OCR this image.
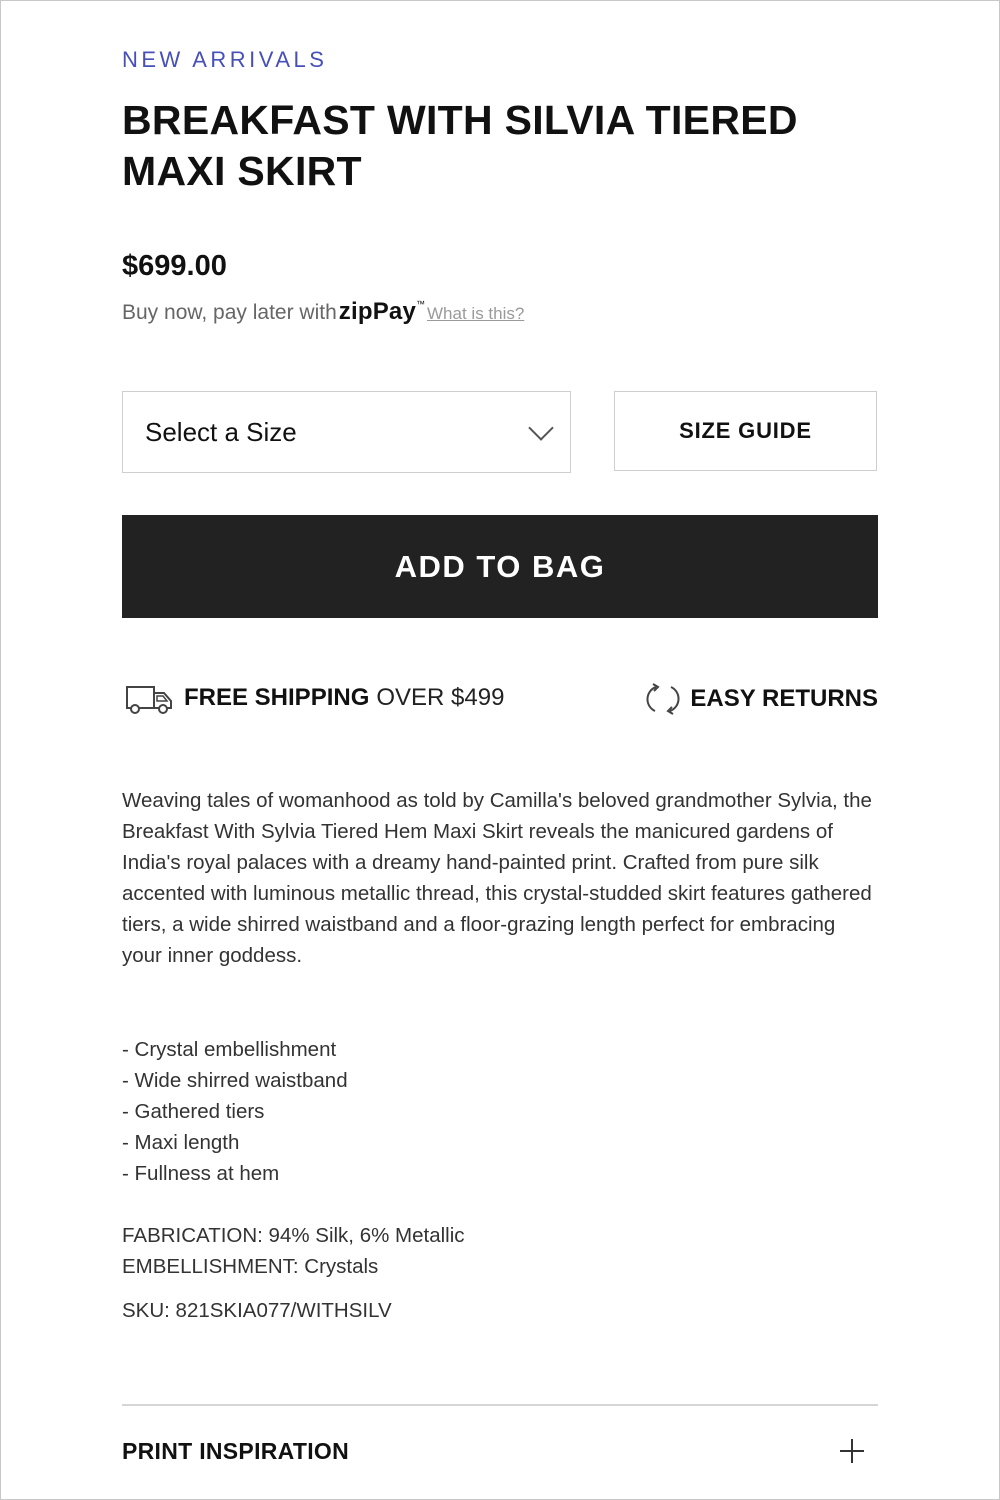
NEW ARRIVALS
BREAKFAST WITH SILVIA TIERED MAXI SKIRT
$699.00
Buy now, pay later with zipPay ™ What is this?
Select a Size	SIZE GUIDE
ADD TO BAG
FREE SHIPPING OVER $499	EASY RETURNS

Weaving tales of womanhood as told by Camilla's beloved grandmother Sylvia, the Breakfast With Sylvia Tiered Hem Maxi Skirt reveals the manicured gardens of India's royal palaces with a dreamy hand-painted print. Crafted from pure silk accented with luminous metallic thread, this crystal-studded skirt features gathered tiers, a wide shirred waistband and a floor-grazing length perfect for embracing your inner goddess.

- Crystal embellishment
- Wide shirred waistband
- Gathered tiers
- Maxi length
- Fullness at hem
FABRICATION: 94% Silk, 6% Metallic
EMBELLISHMENT: Crystals
SKU: 821SKIA077/WITHSILV
PRINT INSPIRATION
